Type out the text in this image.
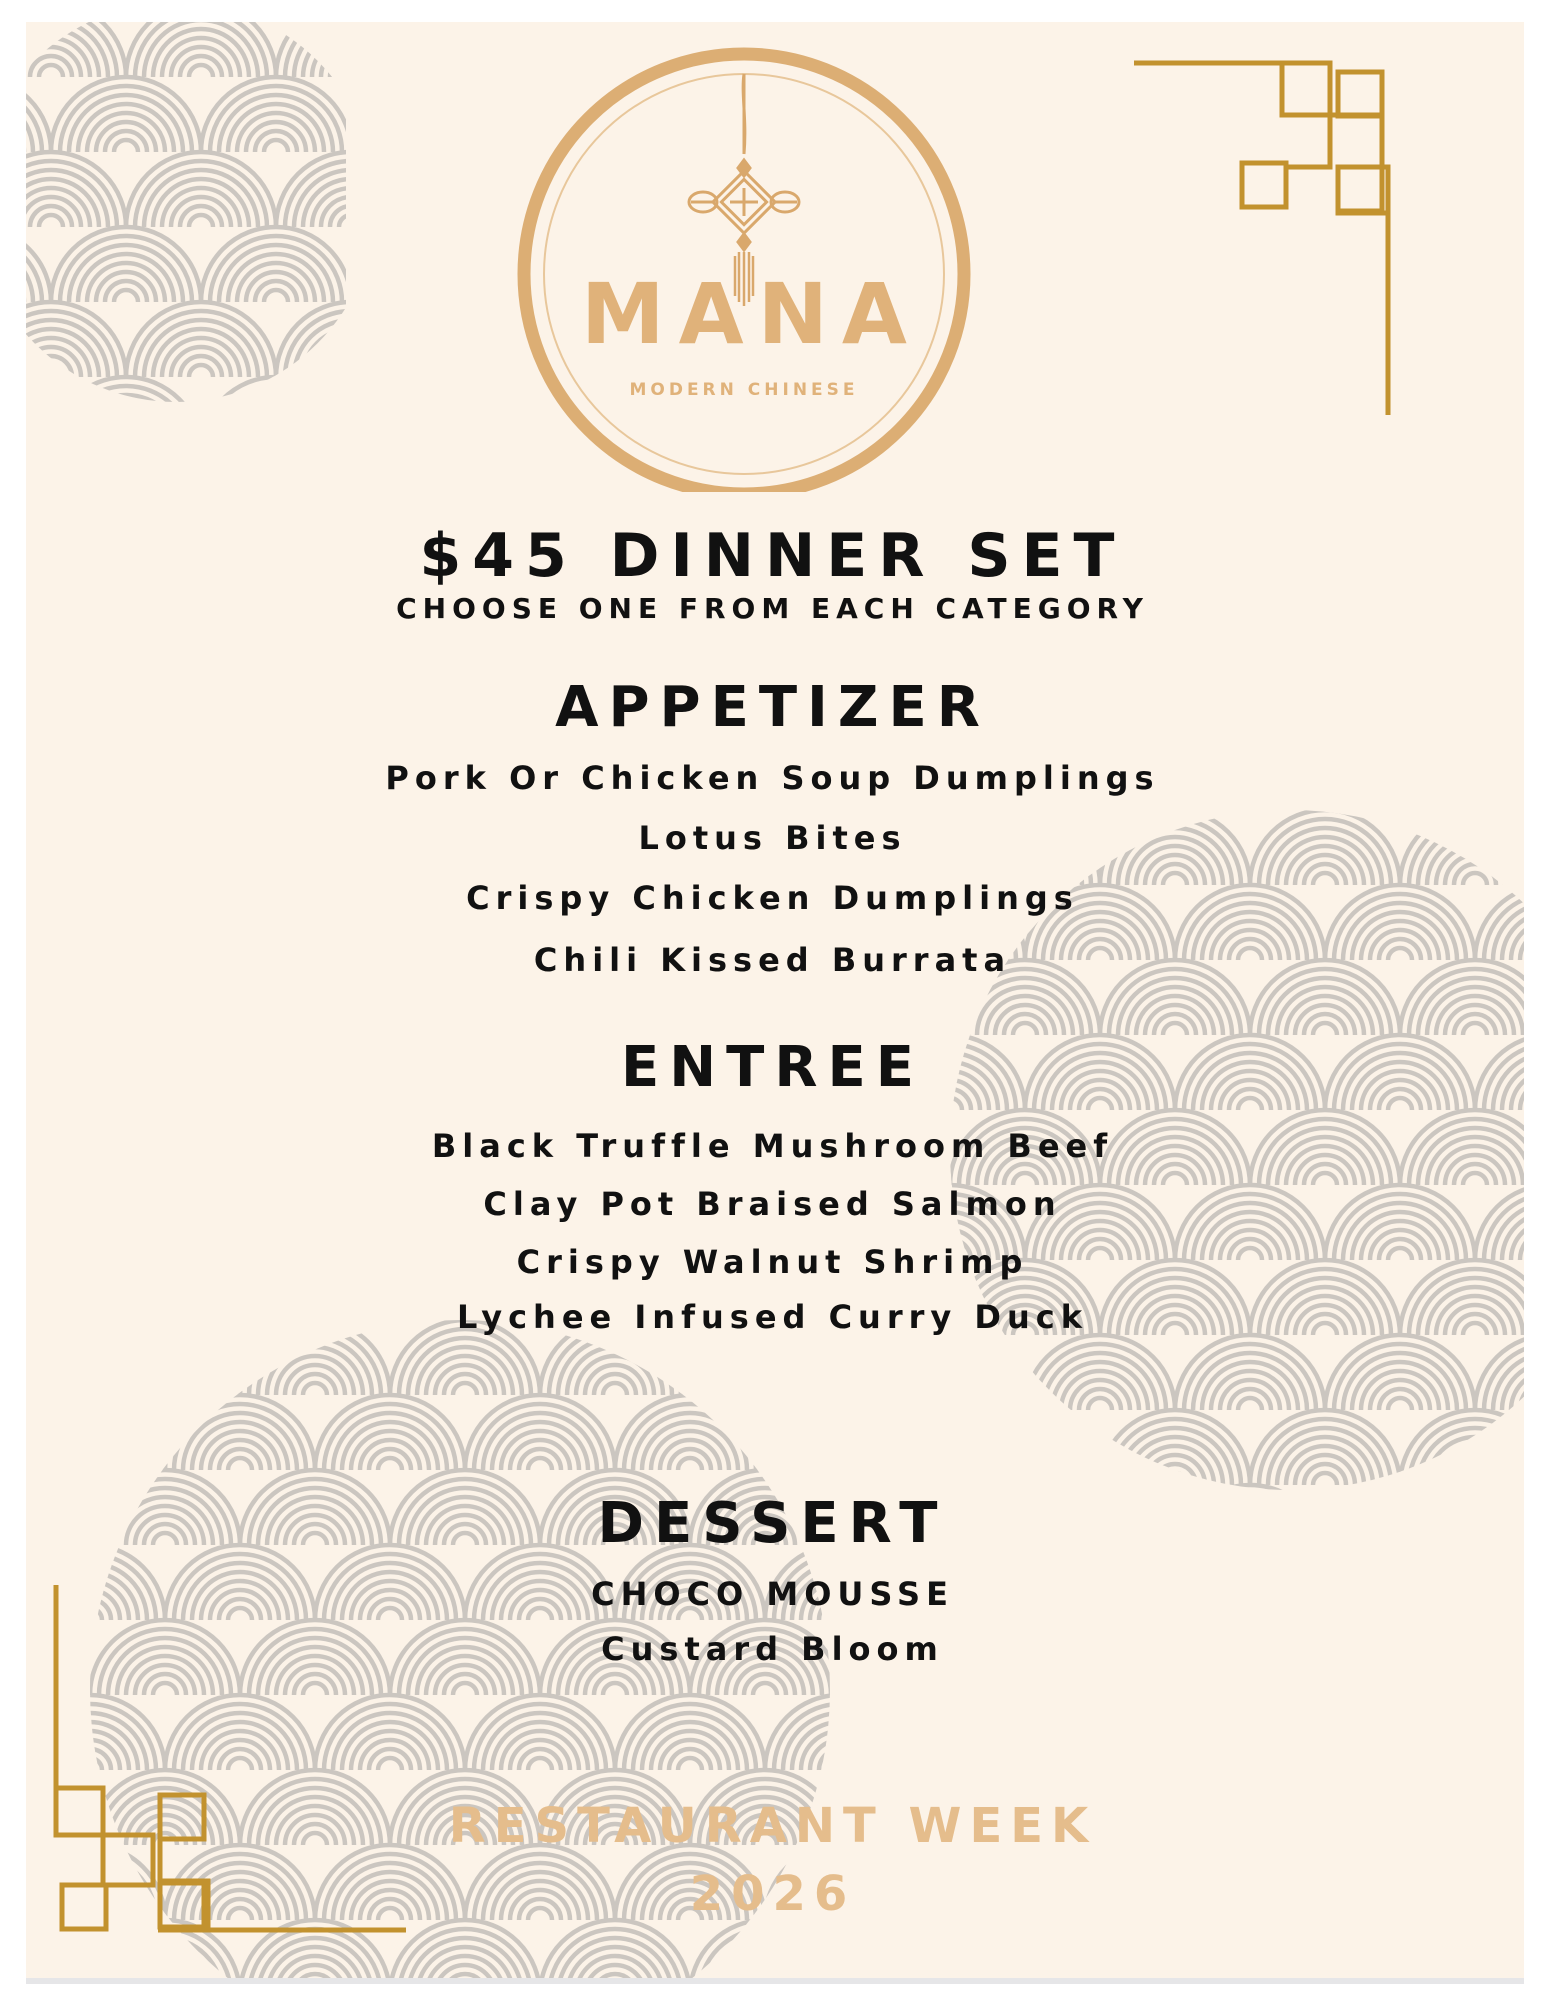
MANA
MODERN CHINESE
$45 DINNER SET
CHOOSE ONE FROM EACH CATEGORY
APPETIZER
Pork Or Chicken Soup Dumplings
Lotus Bites
Crispy Chicken Dumplings
Chili Kissed Burrata
ENTREE
Black Truffle Mushroom Beef
Clay Pot Braised Salmon
Crispy Walnut Shrimp
Lychee Infused Curry Duck
DESSERT
CHOCO MOUSSE
Custard Bloom
RESTAURANT WEEK
2026
